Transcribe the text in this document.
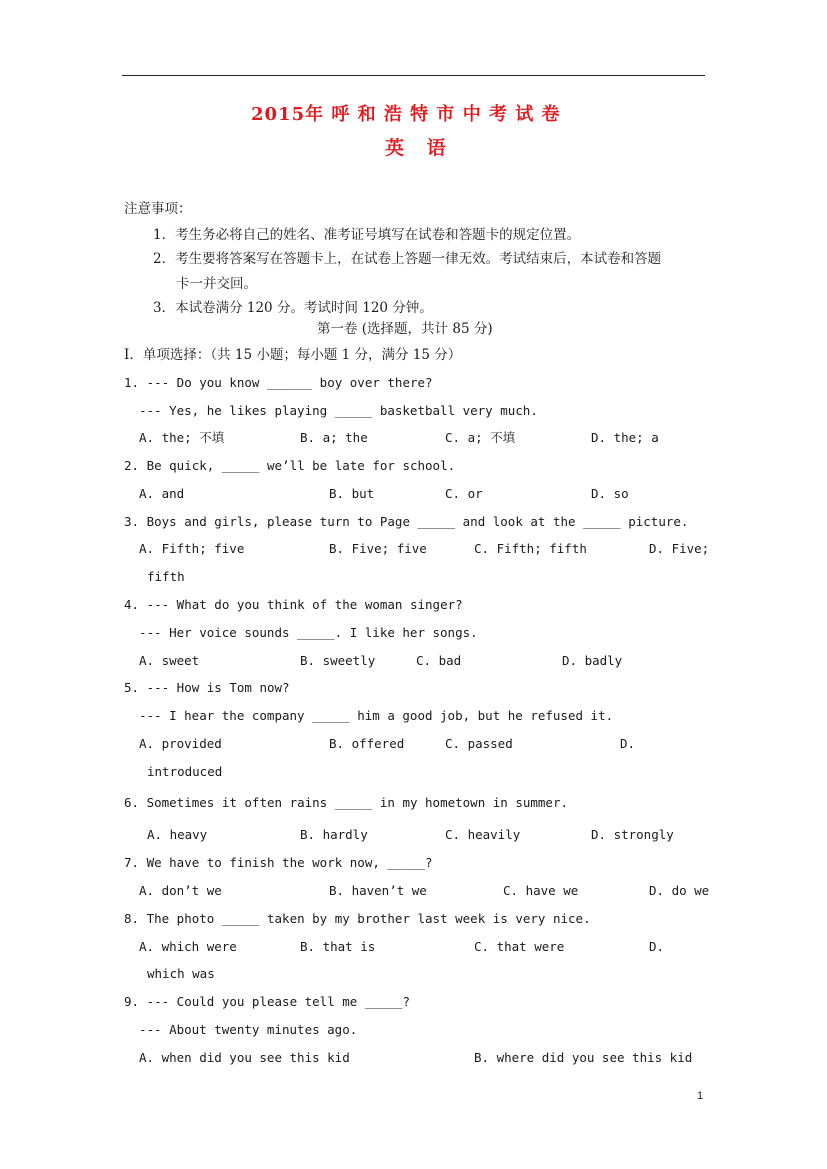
2015年 呼 和 浩 特 市 中 考 试 卷
英 语
注意事项：
1．考生务必将自己的姓名、准考证号填写在试卷和答题卡的规定位置。
2．考生要将答案写在答题卡上，在试卷上答题一律无效。考试结束后，本试卷和答题
卡一并交回。
3．本试卷满分 120 分。考试时间 120 分钟。
第一卷 (选择题，共计 85 分)
I．单项选择：（共 15 小题；每小题 1 分，满分 15 分）
1. --- Do you know ______ boy over there?
--- Yes, he likes playing _____ basketball very much.
A. the; 不填	B. a; the	C. a; 不填	D. the; a
2. Be quick, _____ we’ll be late for school.
A. and	B. but	C. or	D. so
3. Boys and girls, please turn to Page _____ and look at the _____ picture.
A. Fifth; five	B. Five; five	C. Fifth; fifth	D. Five;
fifth
4. --- What do you think of the woman singer?
--- Her voice sounds _____. I like her songs.
A. sweet	B. sweetly	C. bad	D. badly
5. --- How is Tom now?
--- I hear the company _____ him a good job, but he refused it.
A. provided	B. offered	C. passed	D.
introduced
6. Sometimes it often rains _____ in my hometown in summer.
A. heavy	B. hardly	C. heavily	D. strongly
7. We have to finish the work now, _____?
A. don’t we	B. haven’t we	C. have we	D. do we
8. The photo _____ taken by my brother last week is very nice.
A. which were	B. that is	C. that were	D.
which was
9. --- Could you please tell me _____?
--- About twenty minutes ago.
A. when did you see this kid	B. where did you see this kid
1
